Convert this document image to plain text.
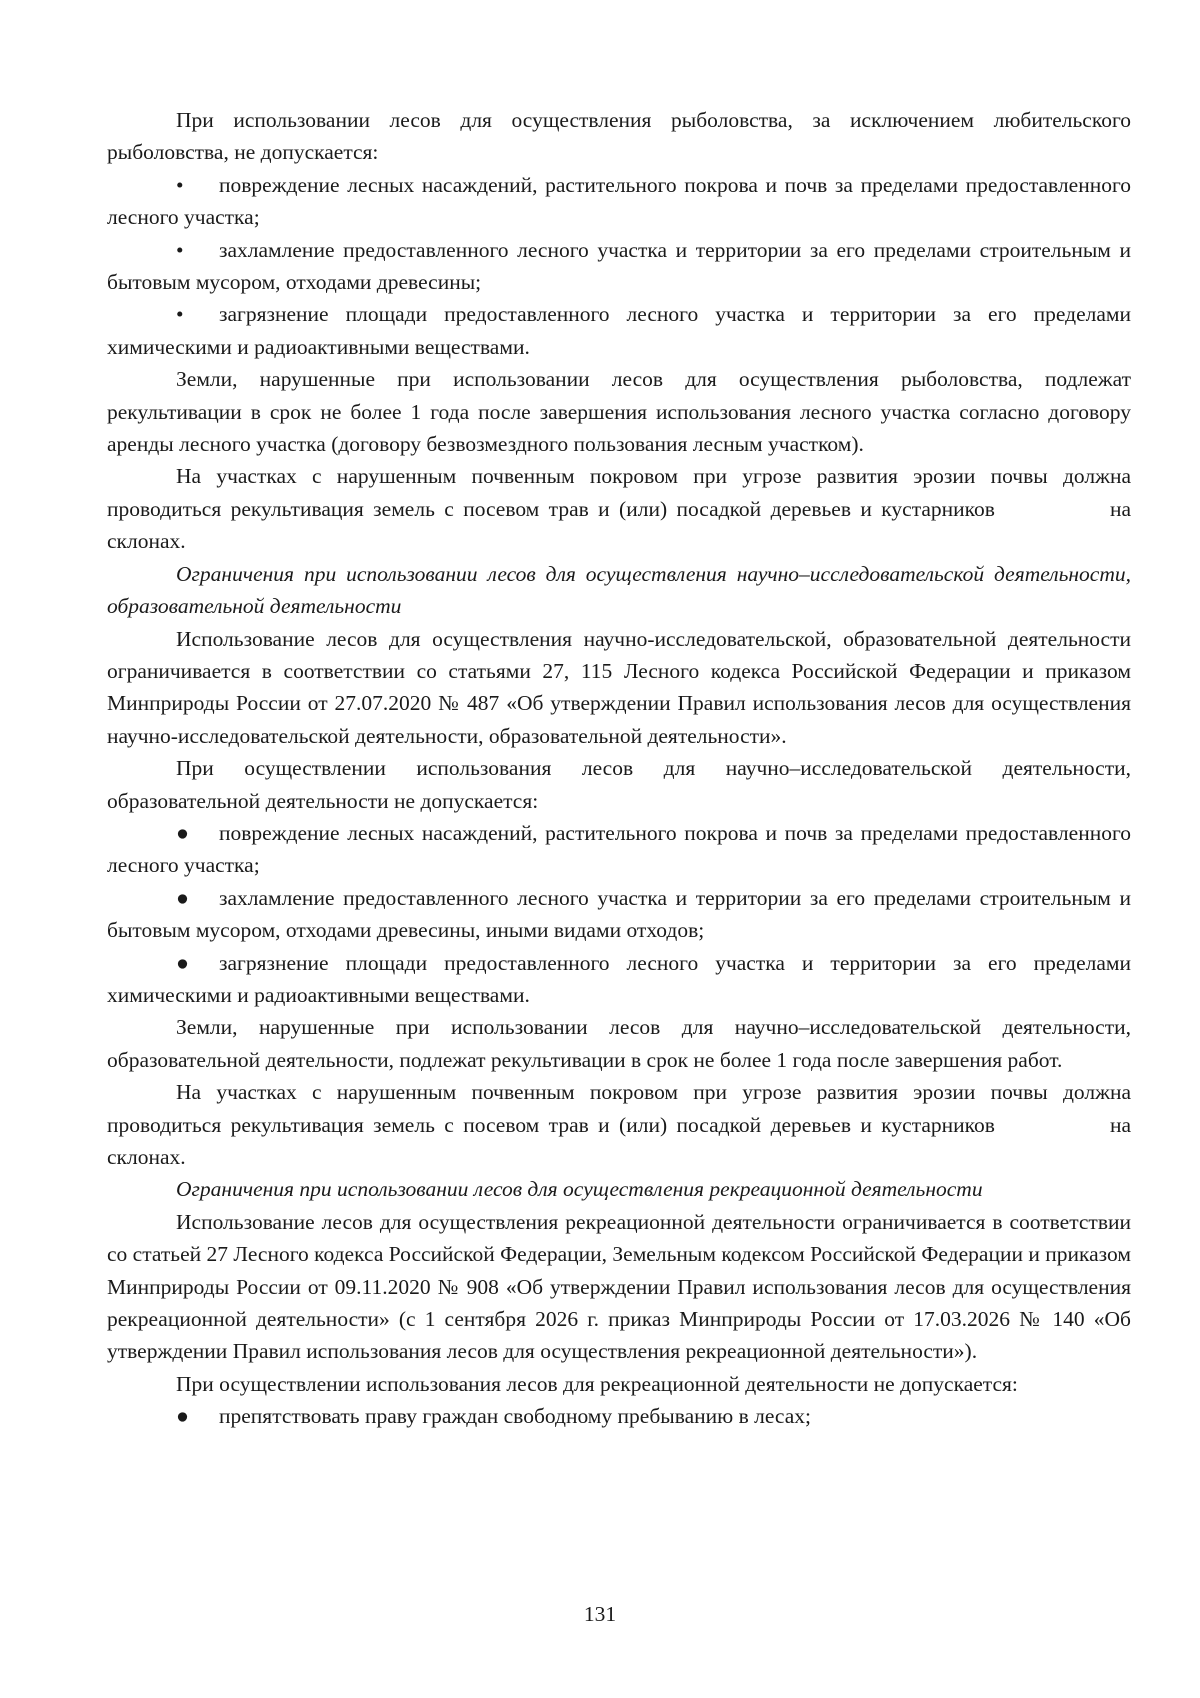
При использовании лесов для осуществления рыболовства, за исключением любительского рыболовства, не допускается:

• повреждение лесных насаждений, растительного покрова и почв за пределами предоставленного лесного участка;

• захламление предоставленного лесного участка и территории за его пределами строительным и бытовым мусором, отходами древесины;

• загрязнение площади предоставленного лесного участка и территории за его пределами химическими и радиоактивными веществами.

Земли, нарушенные при использовании лесов для осуществления рыболовства, подлежат рекультивации в срок не более 1 года после завершения использования лесного участка согласно договору аренды лесного участка (договору безвозмездного пользования лесным участком).

На участках с нарушенным почвенным покровом при угрозе развития эрозии почвы должна проводиться рекультивация земель с посевом трав и (или) посадкой деревьев и кустарников	на склонах.

Ограничения при использовании лесов для осуществления научно–исследовательской деятельности, образовательной деятельности

Использование лесов для осуществления научно-исследовательской, образовательной деятельности ограничивается в соответствии со статьями 27, 115 Лесного кодекса Российской Федерации и приказом Минприроды России от 27.07.2020 № 487 «Об утверждении Правил использования лесов для осуществления научно-исследовательской деятельности, образовательной деятельности».

При осуществлении использования лесов для научно–исследовательской деятельности, образовательной деятельности не допускается:

● повреждение лесных насаждений, растительного покрова и почв за пределами предоставленного лесного участка;

● захламление предоставленного лесного участка и территории за его пределами строительным и бытовым мусором, отходами древесины, иными видами отходов;

● загрязнение площади предоставленного лесного участка и территории за его пределами химическими и радиоактивными веществами.

Земли, нарушенные при использовании лесов для научно–исследовательской деятельности, образовательной деятельности, подлежат рекультивации в срок не более 1 года после завершения работ.

На участках с нарушенным почвенным покровом при угрозе развития эрозии почвы должна проводиться рекультивация земель с посевом трав и (или) посадкой деревьев и кустарников	на склонах.

Ограничения при использовании лесов для осуществления рекреационной деятельности

Использование лесов для осуществления рекреационной деятельности ограничивается в соответствии со статьей 27 Лесного кодекса Российской Федерации, Земельным кодексом Российской Федерации и приказом Минприроды России от 09.11.2020 № 908 «Об утверждении Правил использования лесов для осуществления рекреационной деятельности» (с 1 сентября 2026 г. приказ Минприроды России от 17.03.2026 № 140 «Об утверждении Правил использования лесов для осуществления рекреационной деятельности»).

При осуществлении использования лесов для рекреационной деятельности не допускается:

● препятствовать праву граждан свободному пребыванию в лесах;

131
